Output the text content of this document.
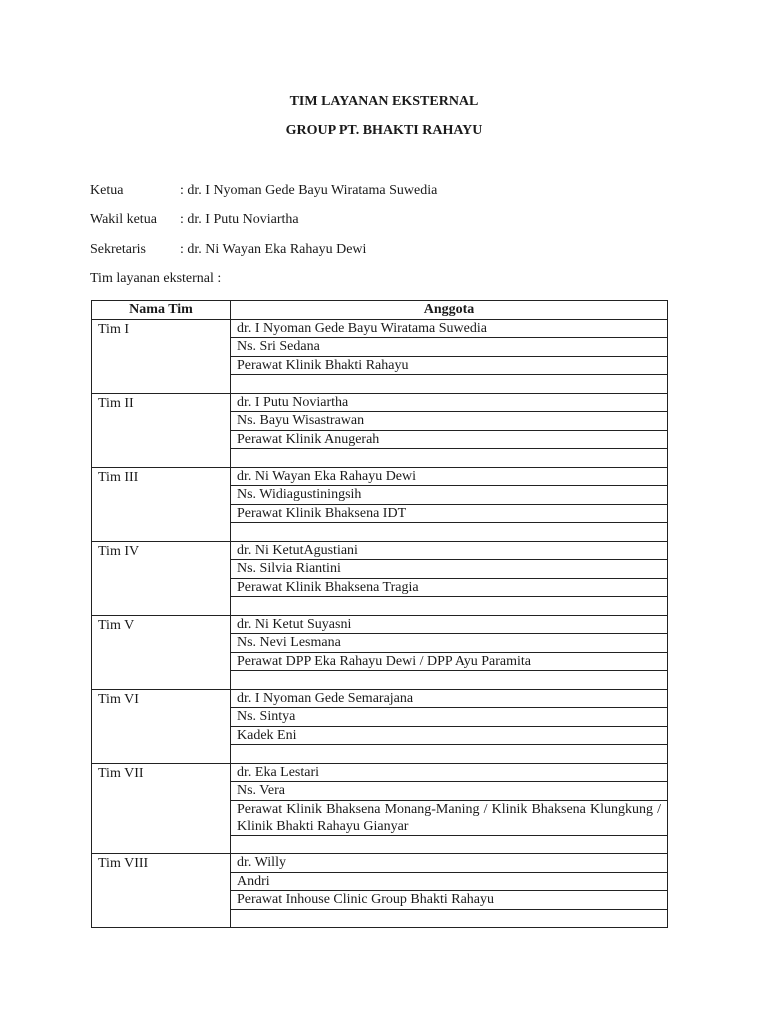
TIM LAYANAN EKSTERNAL
GROUP PT. BHAKTI RAHAYU
Ketua	: dr. I Nyoman Gede Bayu Wiratama Suwedia
Wakil ketua : dr. I Putu Noviartha
Sekretaris	: dr. Ni Wayan Eka Rahayu Dewi
Tim layanan eksternal :
Nama Tim	Anggota
Tim I	dr. I Nyoman Gede Bayu Wiratama Suwedia
	Ns. Sri Sedana
	Perawat Klinik Bhakti Rahayu

Tim II	dr. I Putu Noviartha
	Ns. Bayu Wisastrawan
	Perawat Klinik Anugerah

Tim III	dr. Ni Wayan Eka Rahayu Dewi
	Ns. Widiagustiningsih
	Perawat Klinik Bhaksena IDT

Tim IV	dr. Ni KetutAgustiani
	Ns. Silvia Riantini
	Perawat Klinik Bhaksena Tragia

Tim V	dr. Ni Ketut Suyasni
	Ns. Nevi Lesmana
	Perawat DPP Eka Rahayu Dewi / DPP Ayu Paramita

Tim VI	dr. I Nyoman Gede Semarajana
	Ns. Sintya
	Kadek Eni

Tim VII	dr. Eka Lestari
	Ns. Vera
	Perawat Klinik Bhaksena Monang-Maning / Klinik Bhaksena Klungkung / Klinik Bhakti Rahayu Gianyar

Tim VIII	dr. Willy
	Andri
	Perawat Inhouse Clinic Group Bhakti Rahayu
